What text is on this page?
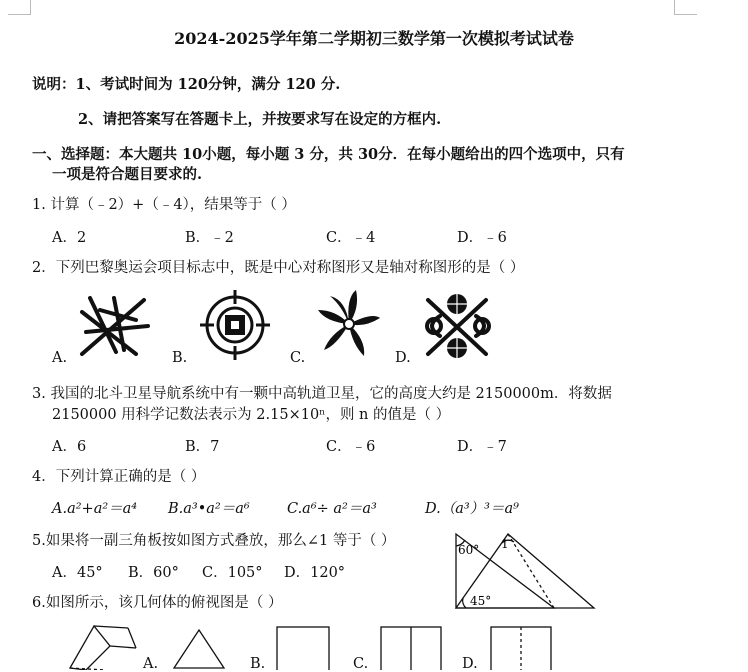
2024-2025学年第二学期初三数学第一次模拟考试试卷
说明：1、考试时间为 120分钟，满分 120 分.
2、请把答案写在答题卡上，并按要求写在设定的方框内.
一、选择题：本大题共 10小题，每小题 3 分，共 30分．在每小题给出的四个选项中，只有
一项是符合题目要求的.
1. 计算（﹣2）+（﹣4），结果等于（ ）
A．2	B．﹣2	C．﹣4	D．﹣6
2．下列巴黎奥运会项目标志中，既是中心对称图形又是轴对称图形的是（ ）
A.	B.	C.	D.
3. 我国的北斗卫星导航系统中有一颗中高轨道卫星，它的高度大约是 2150000m．将数据
2150000 用科学记数法表示为 2.15×10ⁿ，则 n 的值是（ ）
A．6	B．7	C．﹣6	D．﹣7
4．下列计算正确的是（ ）
A.a²+a²＝a⁴ B.a³•a²＝a⁶	C.a⁶÷ a²＝a³	D.（a³）³＝a⁹
5.如果将一副三角板按如图方式叠放，那么∠1 等于（ ）
A．45° B．60° C．105° D．120°
60°
45°
1
6.如图所示，该几何体的俯视图是（ ）
A.	B.	C.	D.
